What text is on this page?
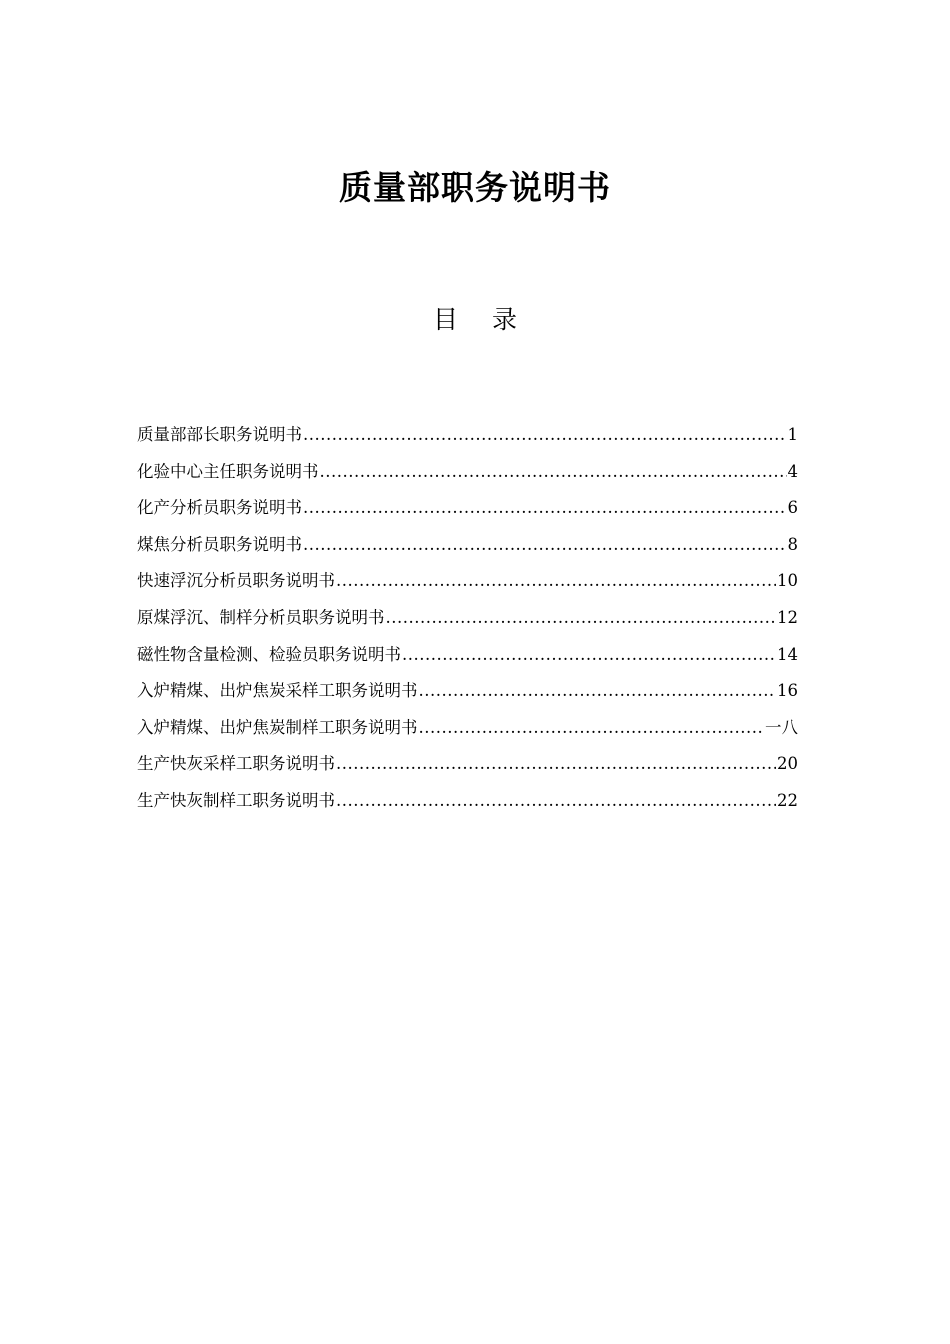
质量部职务说明书
目 录
质量部部长职务说明书 .....	1
化验中心主任职务说明书 .....	4
化产分析员职务说明书 .....	6
煤焦分析员职务说明书 .....	8
快速浮沉分析员职务说明书 .....	10
原煤浮沉、制样分析员职务说明书 .....	12
磁性物含量检测、检验员职务说明书 .....	14
入炉精煤、出炉焦炭采样工职务说明书 .....	16
入炉精煤、出炉焦炭制样工职务说明书 .....	一八
生产快灰采样工职务说明书 .....	20
生产快灰制样工职务说明书 .....	22
